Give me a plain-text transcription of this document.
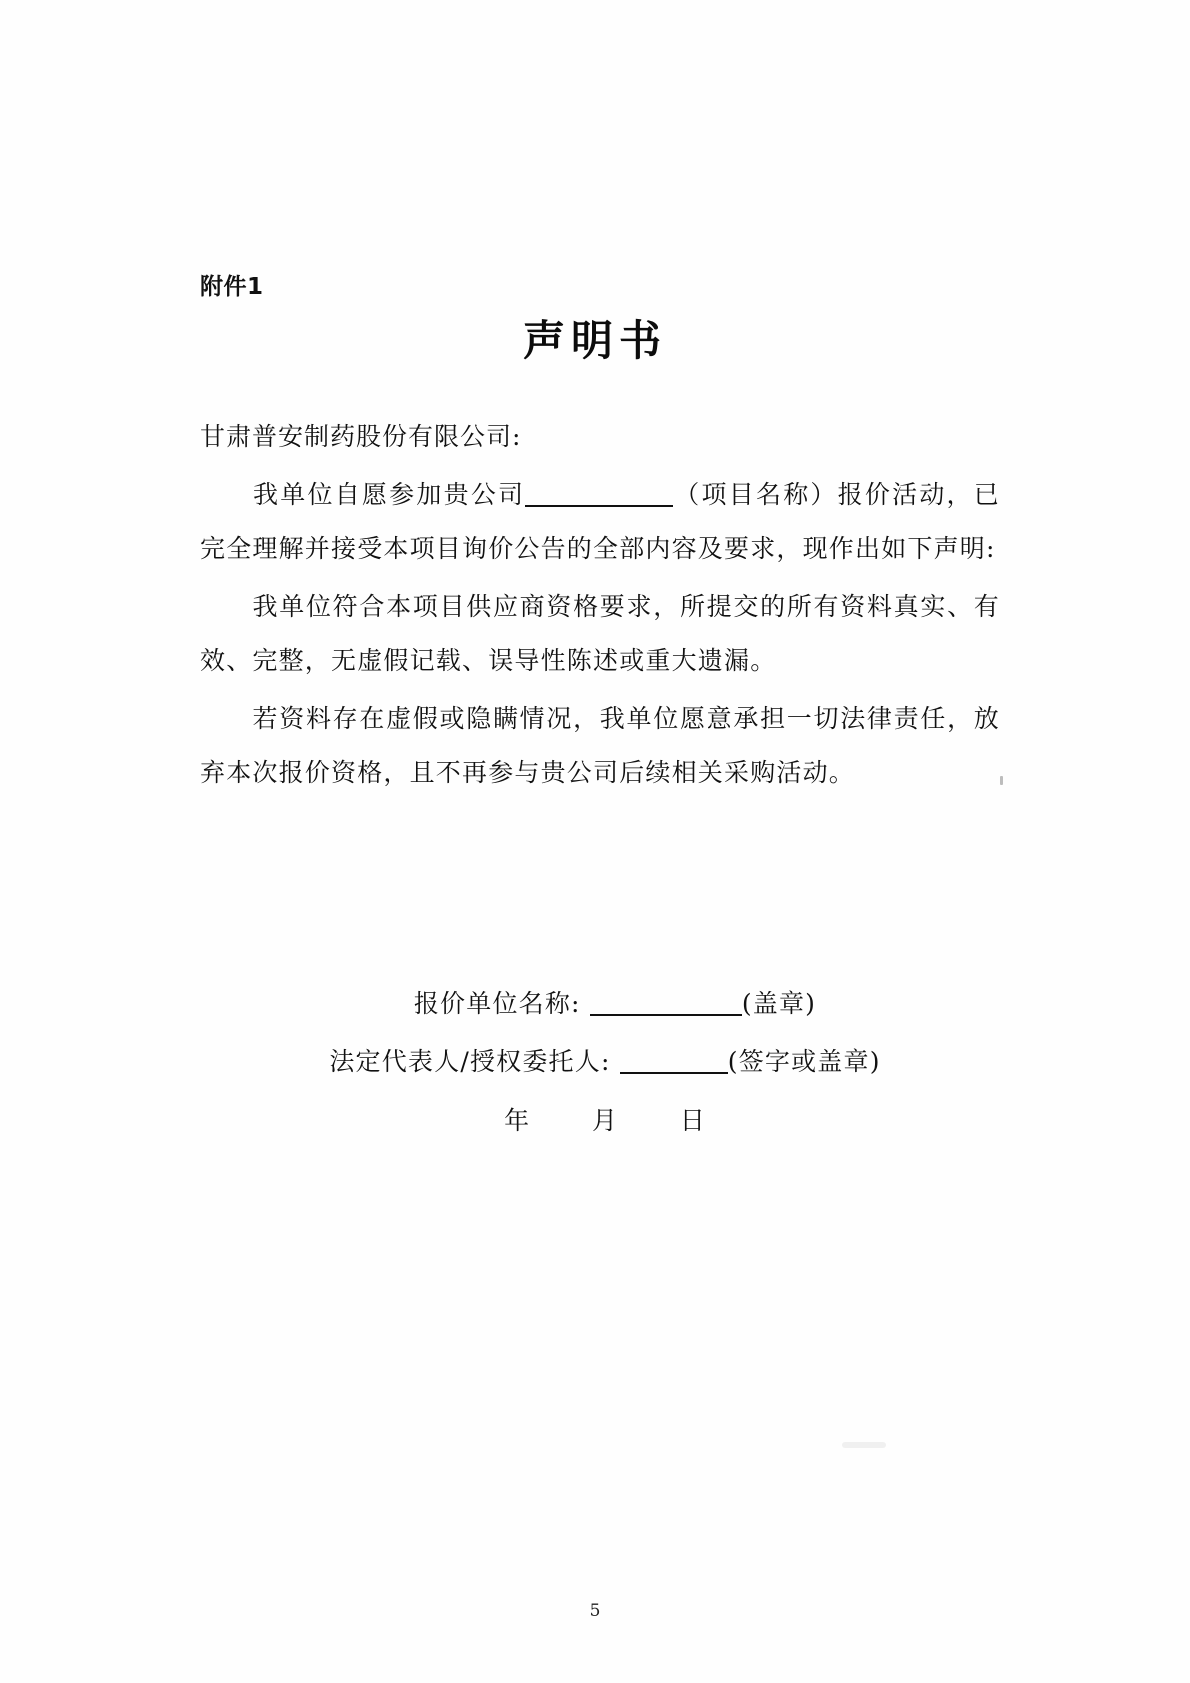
附件1
声明书
甘肃普安制药股份有限公司:
我单位自愿参加贵公司	（项目名称）报价活动，已完全理解并接受本项目询价公告的全部内容及要求，现作出如下声明:
我单位符合本项目供应商资格要求，所提交的所有资料真实、有效、完整，无虚假记载、误导性陈述或重大遗漏。
若资料存在虚假或隐瞒情况，我单位愿意承担一切法律责任，放弃本次报价资格，且不再参与贵公司后续相关采购活动。
报价单位名称:	(盖章)
法定代表人/授权委托人:	(签字或盖章)
年 月 日
5
